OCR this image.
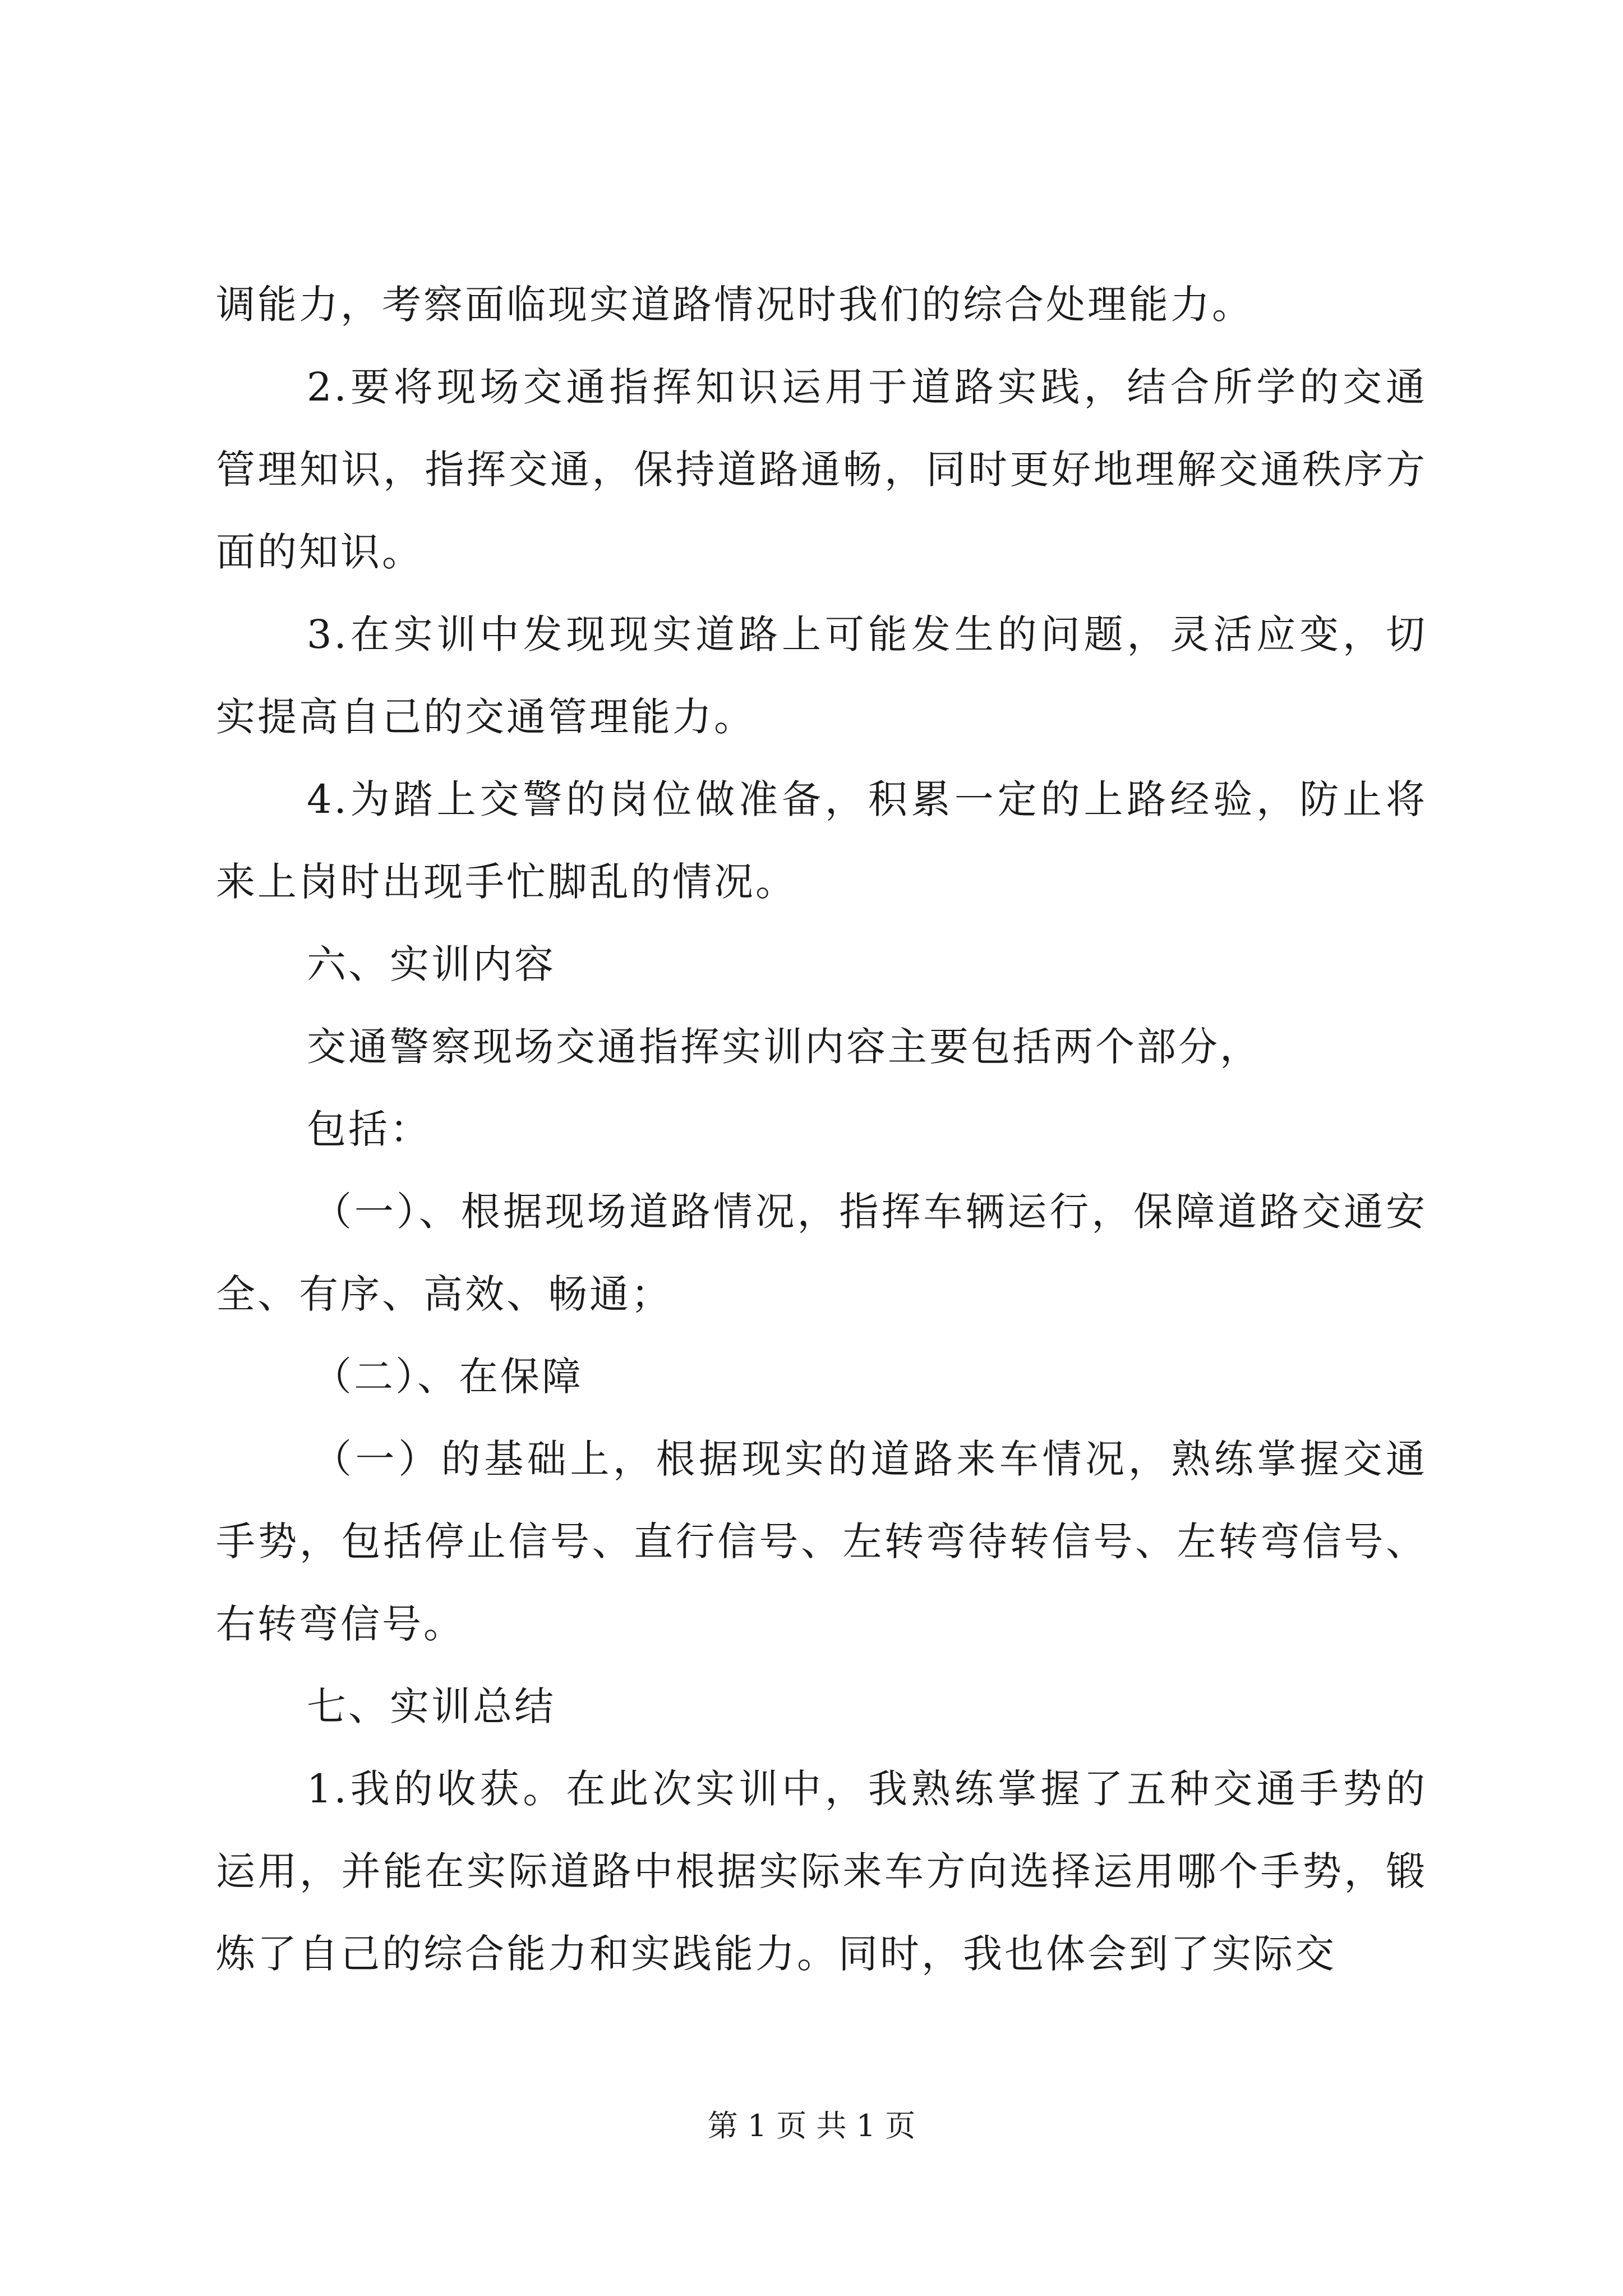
调能力，考察面临现实道路情况时我们的综合处理能力。

2.要将现场交通指挥知识运用于道路实践，结合所学的交通管理知识，指挥交通，保持道路通畅，同时更好地理解交通秩序方面的知识。

3.在实训中发现现实道路上可能发生的问题，灵活应变，切实提高自己的交通管理能力。

4.为踏上交警的岗位做准备，积累一定的上路经验，防止将来上岗时出现手忙脚乱的情况。

六、实训内容

交通警察现场交通指挥实训内容主要包括两个部分，

包括：

（一）、根据现场道路情况，指挥车辆运行，保障道路交通安全、有序、高效、畅通；

（二）、在保障

（一）的基础上，根据现实的道路来车情况，熟练掌握交通手势，包括停止信号、直行信号、左转弯待转信号、左转弯信号、右转弯信号。

七、实训总结

1.我的收获。在此次实训中，我熟练掌握了五种交通手势的运用，并能在实际道路中根据实际来车方向选择运用哪个手势，锻炼了自己的综合能力和实践能力。同时，我也体会到了实际交

第 1 页 共 1 页
